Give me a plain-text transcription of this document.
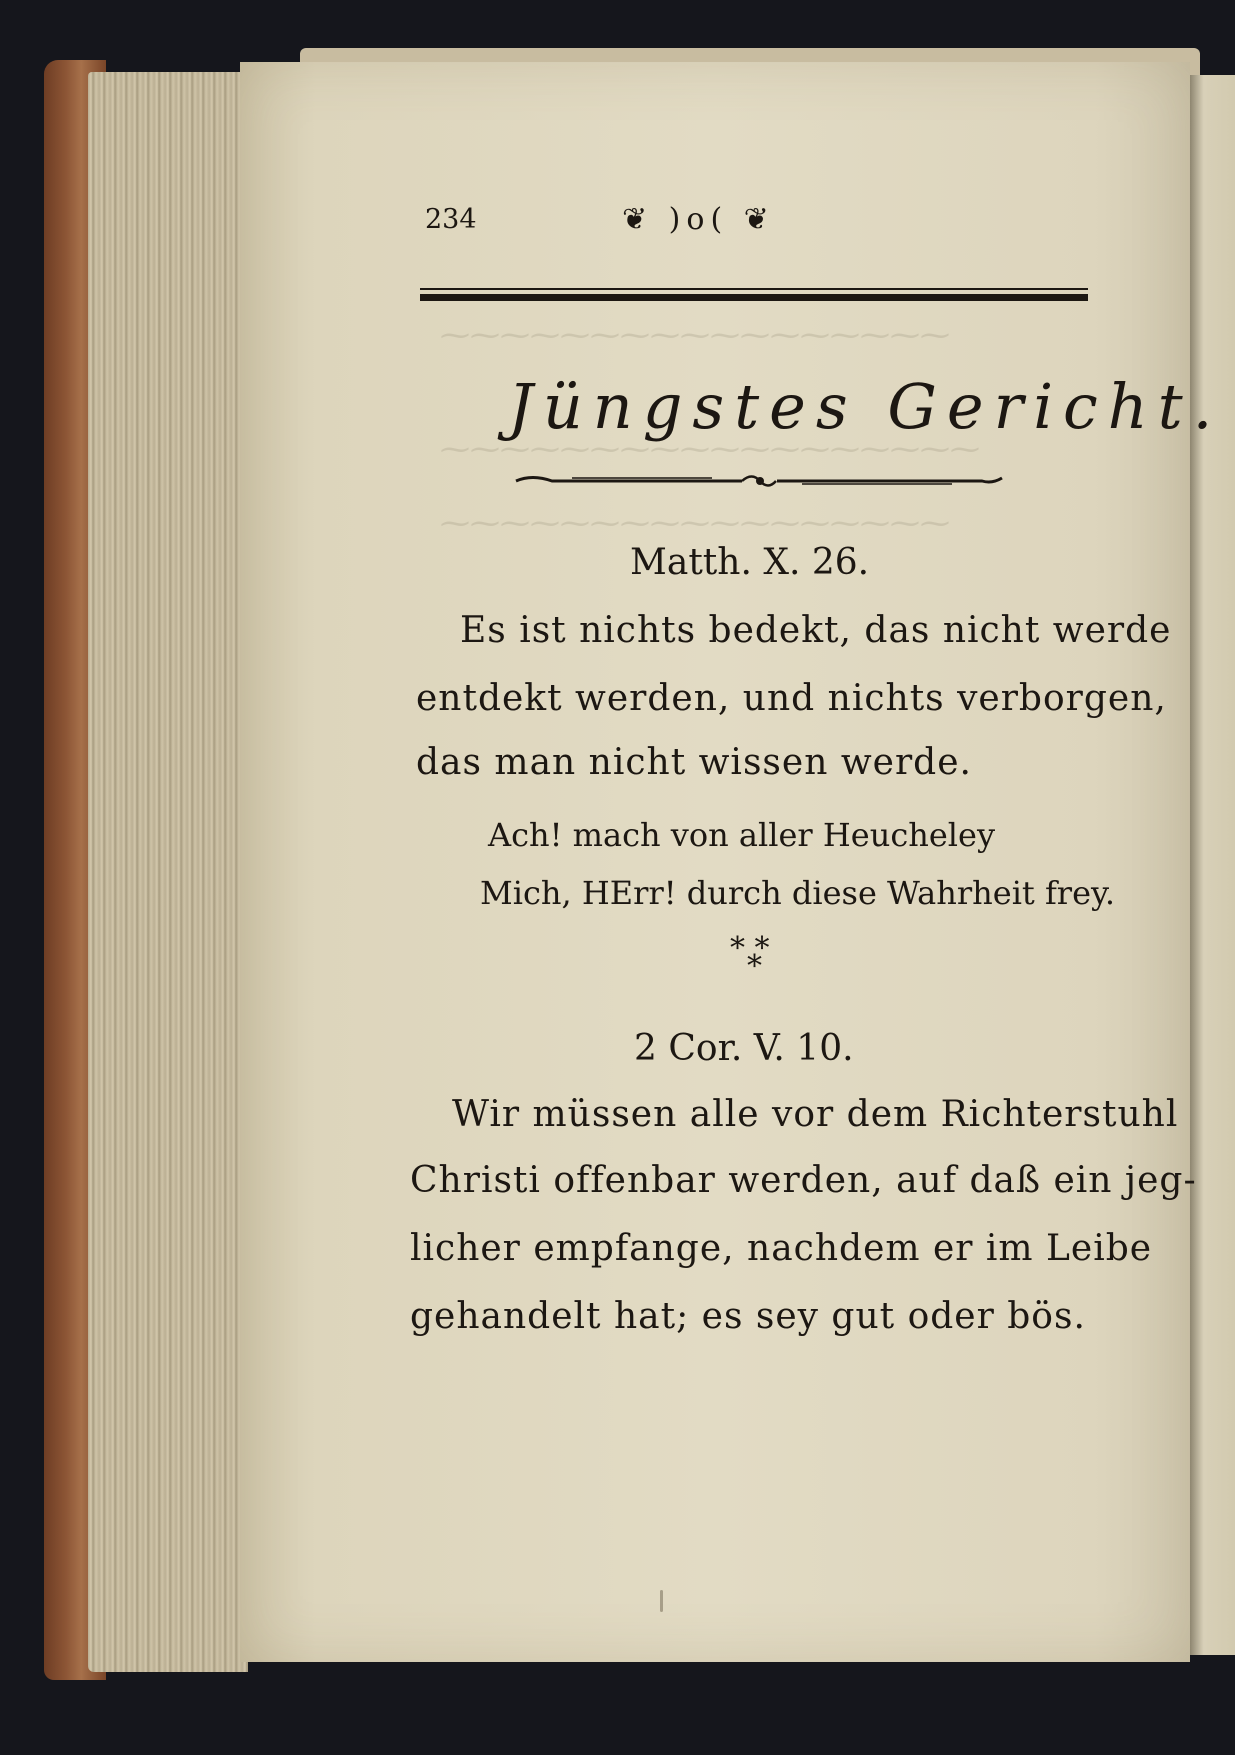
⁓⁓⁓⁓⁓⁓⁓⁓⁓⁓⁓⁓⁓⁓⁓⁓⁓
⁓⁓⁓⁓⁓⁓⁓⁓⁓⁓⁓⁓⁓⁓⁓⁓⁓⁓
⁓⁓⁓⁓⁓⁓⁓⁓⁓⁓⁓⁓⁓⁓⁓⁓⁓
234	❦ )o( ❦
Jüngstes Gericht.
Matth. X. 26.
Es ist nichts bedekt, das nicht werde
entdekt werden, und nichts verborgen,
das man nicht wissen werde.
Ach! mach von aller Heucheley
Mich, HErr! durch diese Wahrheit frey.
* *
*
2 Cor. V. 10.
Wir müssen alle vor dem Richterstuhl
Christi offenbar werden, auf daß ein jeg-
licher empfange, nachdem er im Leibe
gehandelt hat; es sey gut oder bös.
